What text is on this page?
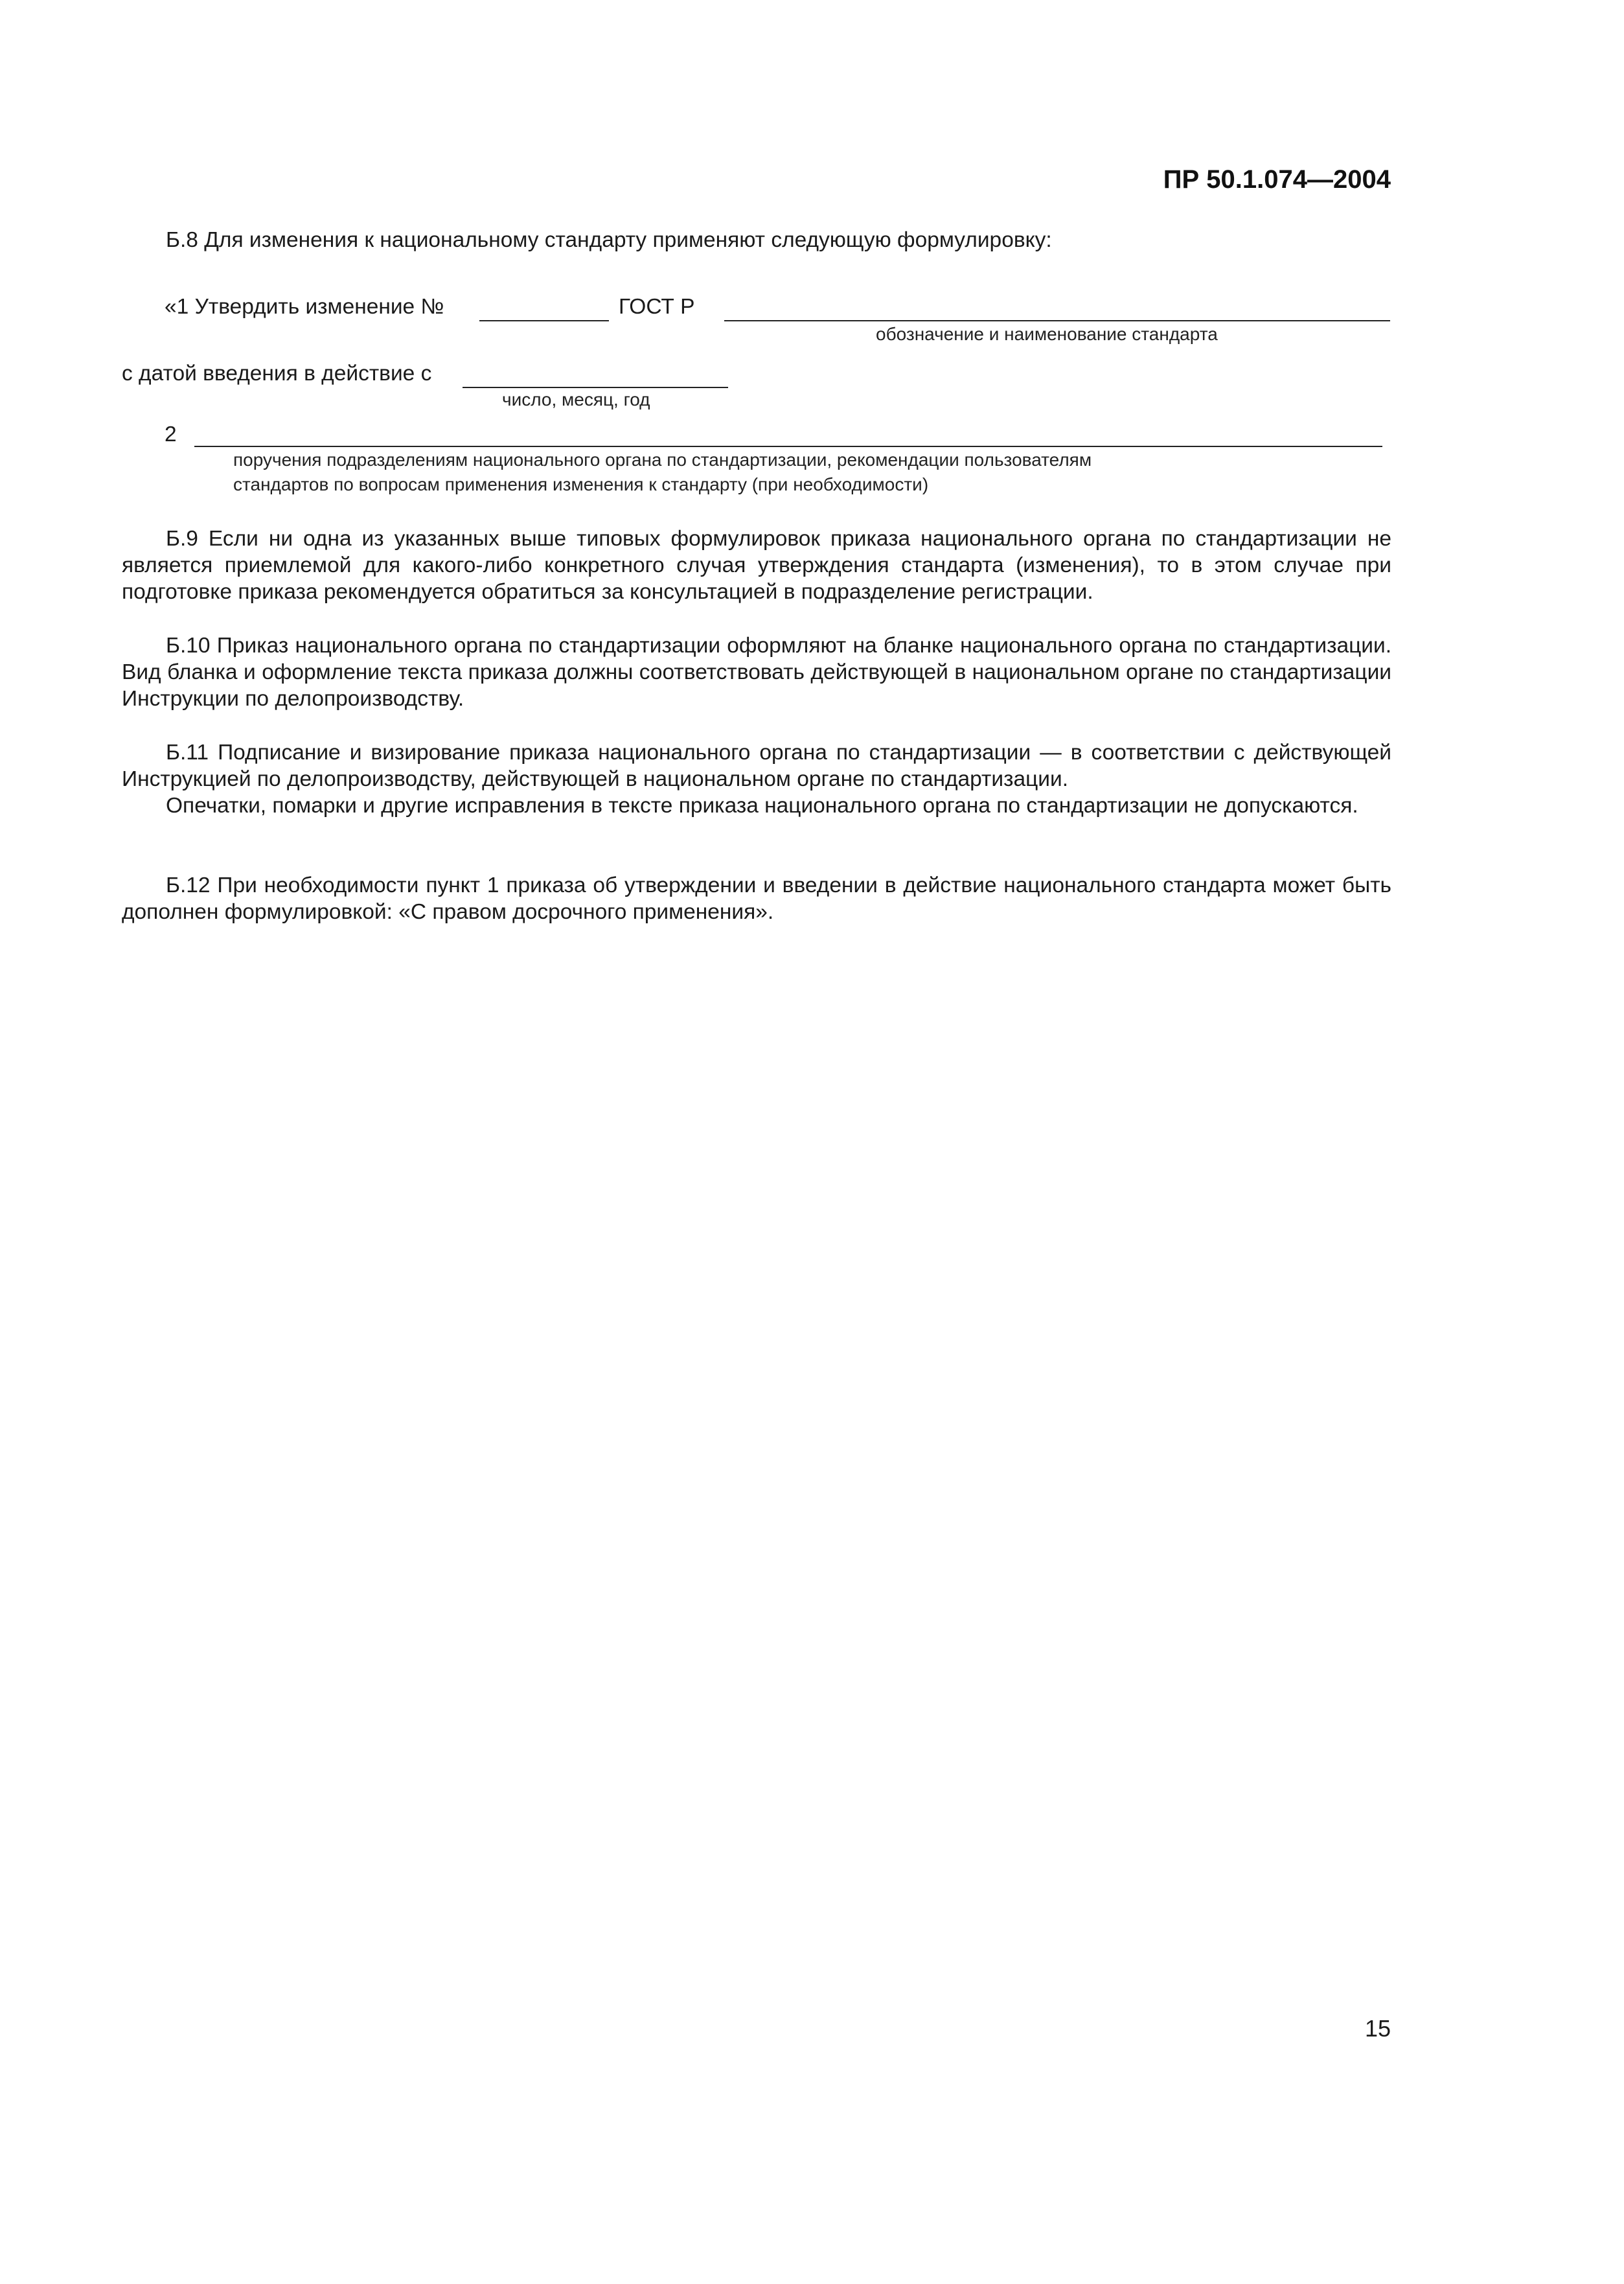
ПР 50.1.074—2004
Б.8 Для изменения к национальному стандарту применяют следующую формулировку:
«1 Утвердить изменение №	ГОСТ Р
обозначение и наименование стандарта
с датой введения в действие с
число, месяц, год
2
поручения подразделениям национального органа по стандартизации, рекомендации пользователям
стандартов по вопросам применения изменения к стандарту (при необходимости)
Б.9 Если ни одна из указанных выше типовых формулировок приказа национального органа по стандартизации не является приемлемой для какого-либо конкретного случая утверждения стандарта (изменения), то в этом случае при подготовке приказа рекомендуется обратиться за консультацией в подразделение регистрации.
Б.10 Приказ национального органа по стандартизации оформляют на бланке национального органа по стандартизации. Вид бланка и оформление текста приказа должны соответствовать действующей в национальном органе по стандартизации Инструкции по делопроизводству.
Б.11 Подписание и визирование приказа национального органа по стандартизации — в соответствии с действующей Инструкцией по делопроизводству, действующей в национальном органе по стандартизации.
Опечатки, помарки и другие исправления в тексте приказа национального органа по стандартизации не допускаются.
Б.12 При необходимости пункт 1 приказа об утверждении и введении в действие национального стандарта может быть дополнен формулировкой: «С правом досрочного применения».
15
